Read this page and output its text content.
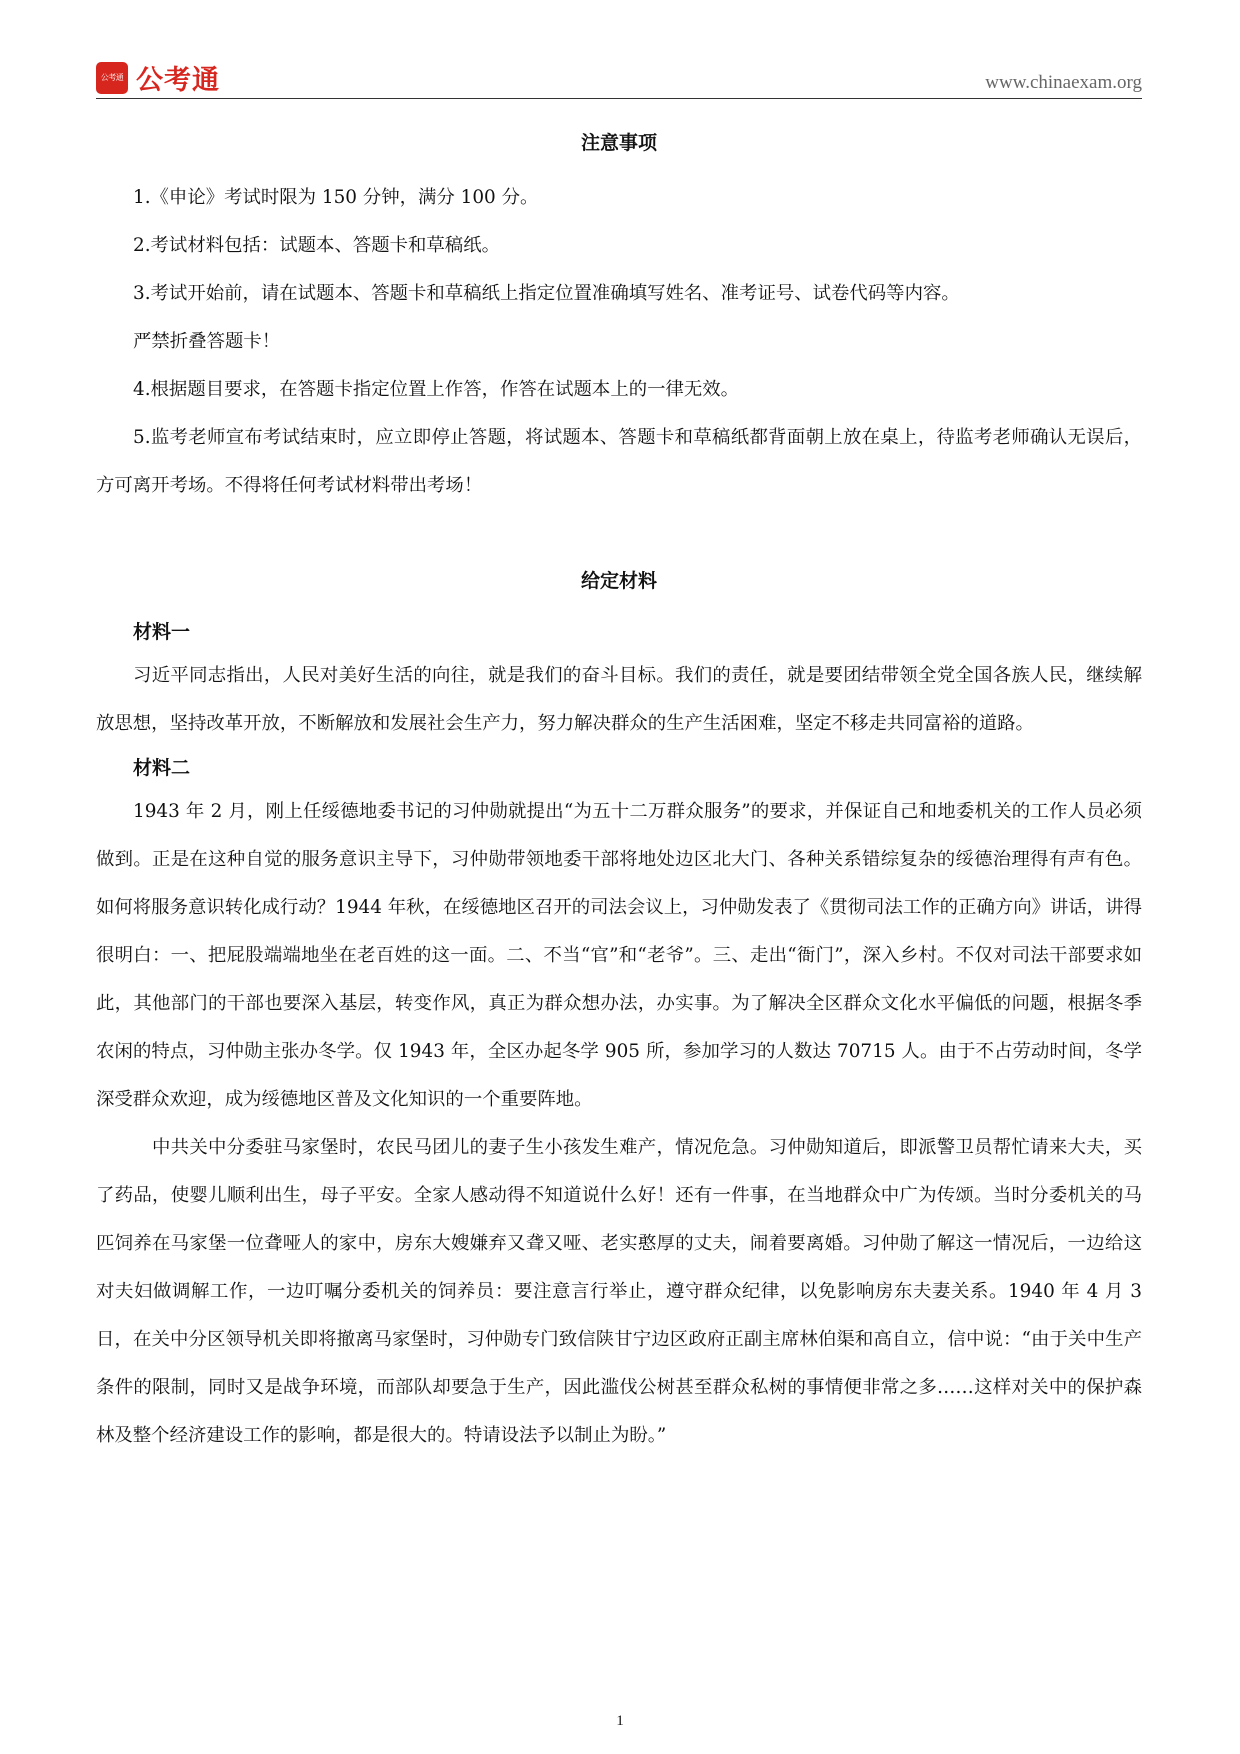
公考通 公考通	www.chinaexam.org
注意事项

1.《申论》考试时限为 150 分钟，满分 100 分。

2.考试材料包括：试题本、答题卡和草稿纸。

3.考试开始前，请在试题本、答题卡和草稿纸上指定位置准确填写姓名、准考证号、试卷代码等内容。

严禁折叠答题卡！

4.根据题目要求，在答题卡指定位置上作答，作答在试题本上的一律无效。

5.监考老师宣布考试结束时，应立即停止答题，将试题本、答题卡和草稿纸都背面朝上放在桌上，待监考老师确认无误后，方可离开考场。不得将任何考试材料带出考场！

给定材料
材料一

习近平同志指出，人民对美好生活的向往，就是我们的奋斗目标。我们的责任，就是要团结带领全党全国各族人民，继续解放思想，坚持改革开放，不断解放和发展社会生产力，努力解决群众的生产生活困难，坚定不移走共同富裕的道路。

材料二

1943 年 2 月，刚上任绥德地委书记的习仲勋就提出“为五十二万群众服务”的要求，并保证自己和地委机关的工作人员必须做到。正是在这种自觉的服务意识主导下，习仲勋带领地委干部将地处边区北大门、各种关系错综复杂的绥德治理得有声有色。如何将服务意识转化成行动？1944 年秋，在绥德地区召开的司法会议上，习仲勋发表了《贯彻司法工作的正确方向》讲话，讲得很明白：一、把屁股端端地坐在老百姓的这一面。二、不当“官”和“老爷”。三、走出“衙门”，深入乡村。不仅对司法干部要求如此，其他部门的干部也要深入基层，转变作风，真正为群众想办法，办实事。为了解决全区群众文化水平偏低的问题，根据冬季农闲的特点，习仲勋主张办冬学。仅 1943 年，全区办起冬学 905 所，参加学习的人数达 70715 人。由于不占劳动时间，冬学深受群众欢迎，成为绥德地区普及文化知识的一个重要阵地。

中共关中分委驻马家堡时，农民马团儿的妻子生小孩发生难产，情况危急。习仲勋知道后，即派警卫员帮忙请来大夫，买了药品，使婴儿顺利出生，母子平安。全家人感动得不知道说什么好！还有一件事，在当地群众中广为传颂。当时分委机关的马匹饲养在马家堡一位聋哑人的家中，房东大嫂嫌弃又聋又哑、老实憨厚的丈夫，闹着要离婚。习仲勋了解这一情况后，一边给这对夫妇做调解工作，一边叮嘱分委机关的饲养员：要注意言行举止，遵守群众纪律，以免影响房东夫妻关系。1940 年 4 月 3 日，在关中分区领导机关即将撤离马家堡时，习仲勋专门致信陕甘宁边区政府正副主席林伯渠和高自立，信中说：“由于关中生产条件的限制，同时又是战争环境，而部队却要急于生产，因此滥伐公树甚至群众私树的事情便非常之多……这样对关中的保护森林及整个经济建设工作的影响，都是很大的。特请设法予以制止为盼。”

1
